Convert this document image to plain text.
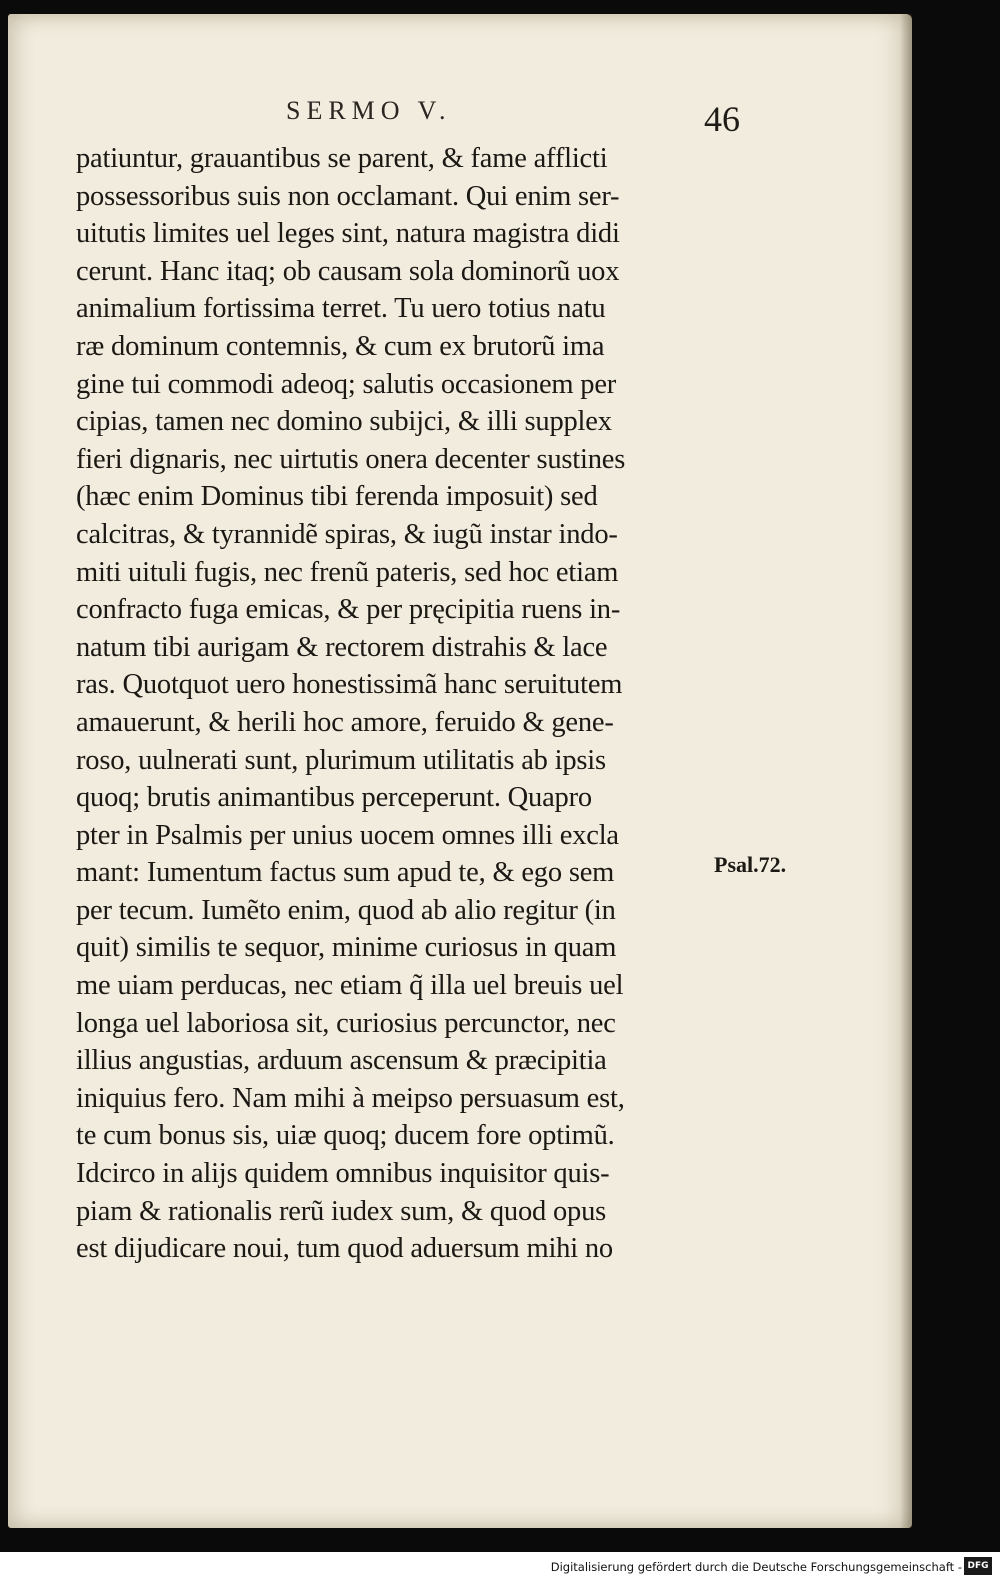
SERMO V.	46
patiuntur, grauantibus se parent, & fame afflicti
possessoribus suis non occlamant. Qui enim ser-
uitutis limites uel leges sint, natura magistra didi
cerunt. Hanc itaq; ob causam sola dominorũ uox
animalium fortissima terret. Tu uero totius natu
ræ dominum contemnis, & cum ex brutorũ ima
gine tui commodi adeoq; salutis occasionem per
cipias, tamen nec domino subijci, & illi supplex
fieri dignaris, nec uirtutis onera decenter sustines
(hæc enim Dominus tibi ferenda imposuit) sed
calcitras, & tyrannidẽ spiras, & iugũ instar indo-
miti uituli fugis, nec frenũ pateris, sed hoc etiam
confracto fuga emicas, & per pręcipitia ruens in-
natum tibi aurigam & rectorem distrahis & lace
ras. Quotquot uero honestissimã hanc seruitutem
amauerunt, & herili hoc amore, feruido & gene-
roso, uulnerati sunt, plurimum utilitatis ab ipsis
quoq; brutis animantibus perceperunt. Quapro
pter in Psalmis per unius uocem omnes illi excla
mant: Iumentum factus sum apud te, & ego sem
per tecum. Iumẽto enim, quod ab alio regitur (in
quit) similis te sequor, minime curiosus in quam
me uiam perducas, nec etiam q̃ illa uel breuis uel
longa uel laboriosa sit, curiosius percunctor, nec
illius angustias, arduum ascensum & præcipitia
iniquius fero. Nam mihi à meipso persuasum est,
te cum bonus sis, uiæ quoq; ducem fore optimũ.
Idcirco in alijs quidem omnibus inquisitor quis-
piam & rationalis rerũ iudex sum, & quod opus
est dijudicare noui, tum quod aduersum mihi no
Psal.72.
Digitalisierung gefördert durch die Deutsche Forschungsgemeinschaft - DFG
